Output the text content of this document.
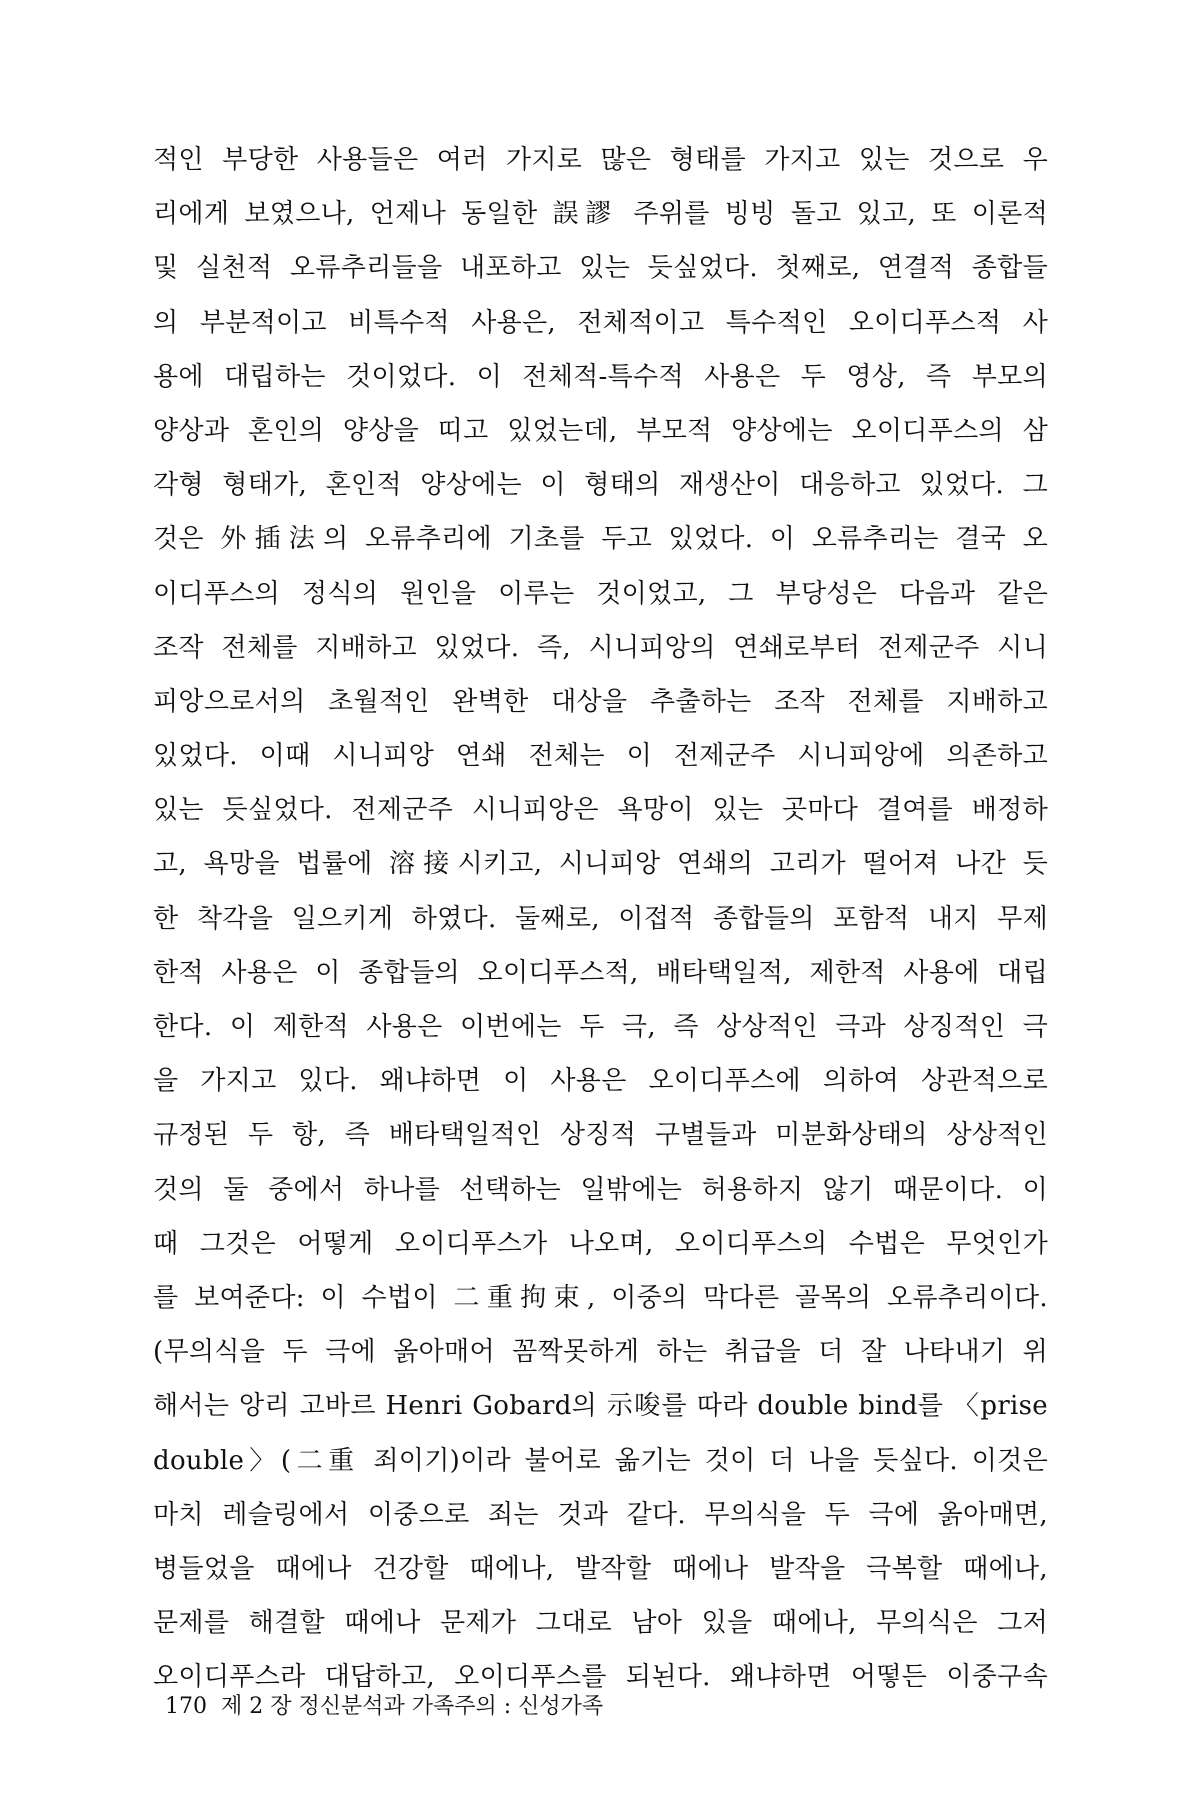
적인 부당한 사용들은 여러 가지로 많은 형태를 가지고 있는 것으로 우
리에게 보였으나, 언제나 동일한 誤謬 주위를 빙빙 돌고 있고, 또 이론적
및 실천적 오류추리들을 내포하고 있는 듯싶었다. 첫째로, 연결적 종합들
의 부분적이고 비특수적 사용은, 전체적이고 특수적인 오이디푸스적 사
용에 대립하는 것이었다. 이 전체적-특수적 사용은 두 영상, 즉 부모의
양상과 혼인의 양상을 띠고 있었는데, 부모적 양상에는 오이디푸스의 삼
각형 형태가, 혼인적 양상에는 이 형태의 재생산이 대응하고 있었다. 그
것은 外插法의 오류추리에 기초를 두고 있었다. 이 오류추리는 결국 오
이디푸스의 정식의 원인을 이루는 것이었고, 그 부당성은 다음과 같은
조작 전체를 지배하고 있었다. 즉, 시니피앙의 연쇄로부터 전제군주 시니
피앙으로서의 초월적인 완벽한 대상을 추출하는 조작 전체를 지배하고
있었다. 이때 시니피앙 연쇄 전체는 이 전제군주 시니피앙에 의존하고
있는 듯싶었다. 전제군주 시니피앙은 욕망이 있는 곳마다 결여를 배정하
고, 욕망을 법률에 溶接시키고, 시니피앙 연쇄의 고리가 떨어져 나간 듯
한 착각을 일으키게 하였다. 둘째로, 이접적 종합들의 포함적 내지 무제
한적 사용은 이 종합들의 오이디푸스적, 배타택일적, 제한적 사용에 대립
한다. 이 제한적 사용은 이번에는 두 극, 즉 상상적인 극과 상징적인 극
을 가지고 있다. 왜냐하면 이 사용은 오이디푸스에 의하여 상관적으로
규정된 두 항, 즉 배타택일적인 상징적 구별들과 미분화상태의 상상적인
것의 둘 중에서 하나를 선택하는 일밖에는 허용하지 않기 때문이다. 이
때 그것은 어떻게 오이디푸스가 나오며, 오이디푸스의 수법은 무엇인가
를 보여준다: 이 수법이 二重拘束, 이중의 막다른 골목의 오류추리이다.
(무의식을 두 극에 옭아매어 꼼짝못하게 하는 취급을 더 잘 나타내기 위
해서는 앙리 고바르 Henri Gobard의 示唆를 따라 double bind를 〈prise
double〉(二重 죄이기)이라 불어로 옮기는 것이 더 나을 듯싶다. 이것은
마치 레슬링에서 이중으로 죄는 것과 같다. 무의식을 두 극에 옭아매면,
병들었을 때에나 건강할 때에나, 발작할 때에나 발작을 극복할 때에나,
문제를 해결할 때에나 문제가 그대로 남아 있을 때에나, 무의식은 그저
오이디푸스라 대답하고, 오이디푸스를 되뇐다. 왜냐하면 어떻든 이중구속
170 제 2 장 정신분석과 가족주의 : 신성가족
